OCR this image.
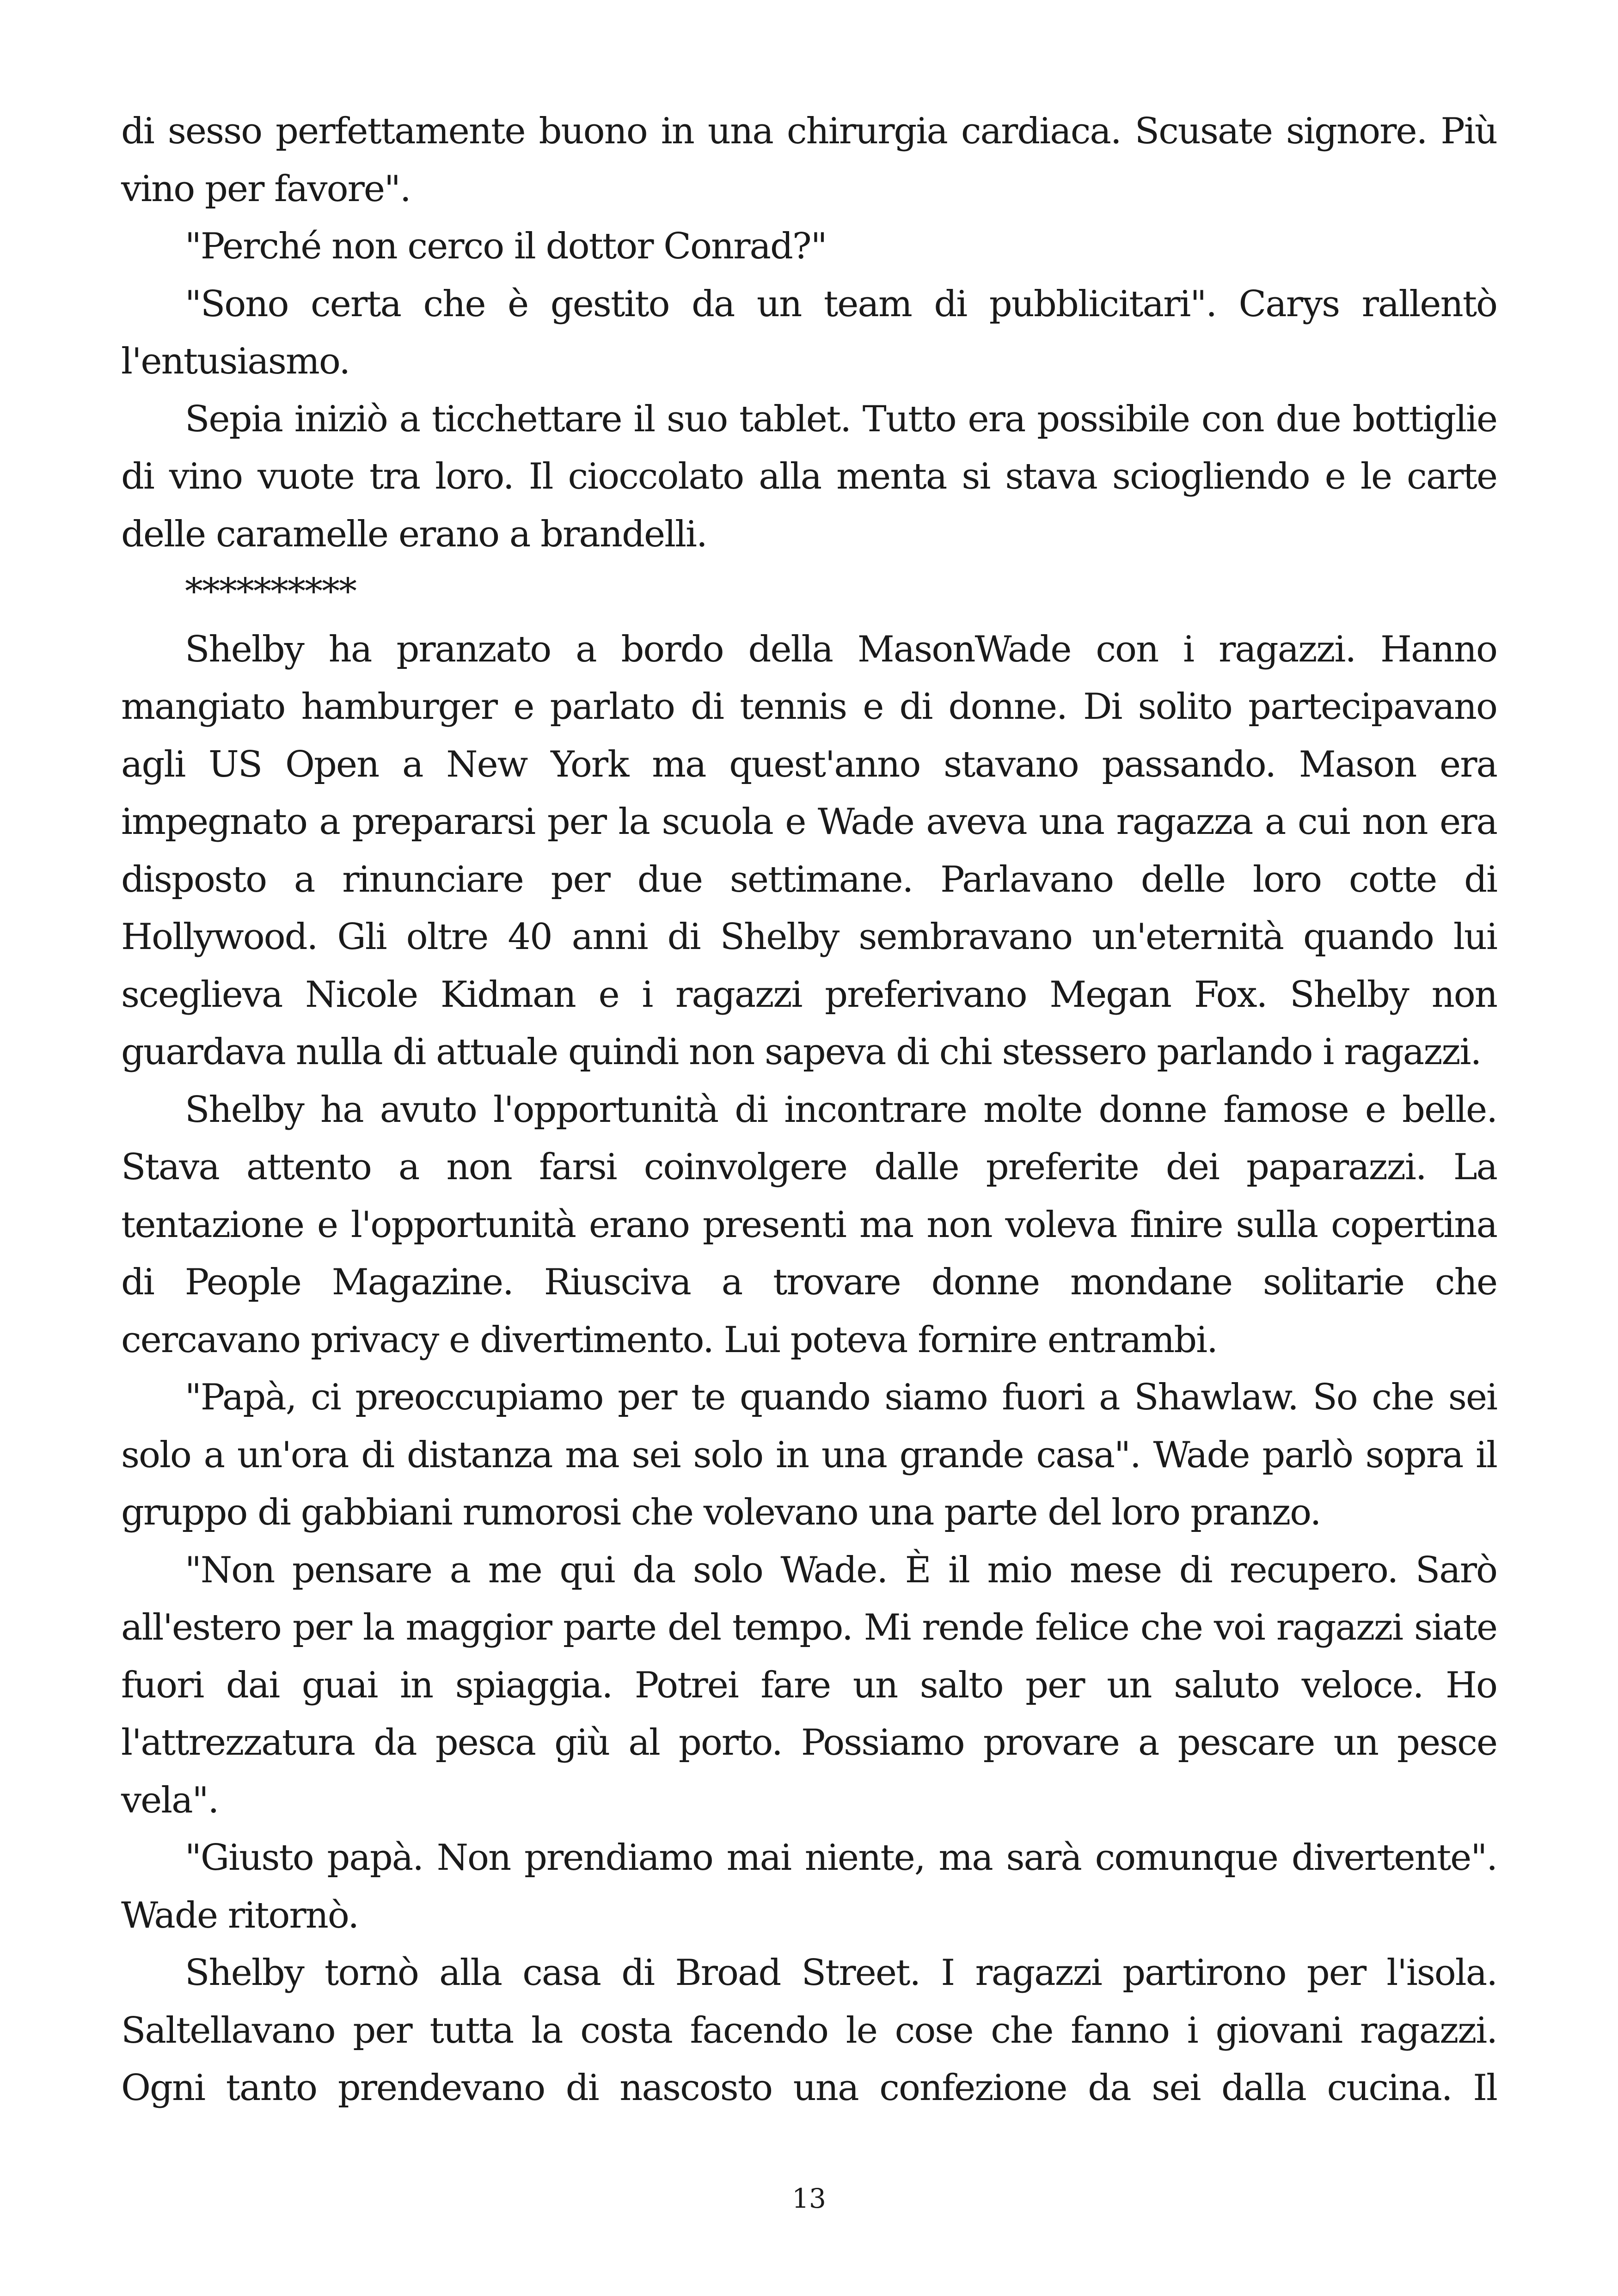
di sesso perfettamente buono in una chirurgia cardiaca. Scusate signore. Più vino per favore".

"Perché non cerco il dottor Conrad?"

"Sono certa che è gestito da un team di pubblicitari". Carys rallentò l'entusiasmo.

Sepia iniziò a ticchettare il suo tablet. Tutto era possibile con due bottiglie di vino vuote tra loro. Il cioccolato alla menta si stava sciogliendo e le carte delle caramelle erano a brandelli.

**********

Shelby ha pranzato a bordo della MasonWade con i ragazzi. Hanno mangiato hamburger e parlato di tennis e di donne. Di solito partecipavano agli US Open a New York ma quest'anno stavano passando. Mason era impegnato a prepararsi per la scuola e Wade aveva una ragazza a cui non era disposto a rinunciare per due settimane. Parlavano delle loro cotte di Hollywood. Gli oltre 40 anni di Shelby sembravano un'eternità quando lui sceglieva Nicole Kidman e i ragazzi preferivano Megan Fox. Shelby non guardava nulla di attuale quindi non sapeva di chi stessero parlando i ragazzi.

Shelby ha avuto l'opportunità di incontrare molte donne famose e belle. Stava attento a non farsi coinvolgere dalle preferite dei paparazzi. La tentazione e l'opportunità erano presenti ma non voleva finire sulla copertina di People Magazine. Riusciva a trovare donne mondane solitarie che cercavano privacy e divertimento. Lui poteva fornire entrambi.

"Papà, ci preoccupiamo per te quando siamo fuori a Shawlaw. So che sei solo a un'ora di distanza ma sei solo in una grande casa". Wade parlò sopra il gruppo di gabbiani rumorosi che volevano una parte del loro pranzo.

"Non pensare a me qui da solo Wade. È il mio mese di recupero. Sarò all'estero per la maggior parte del tempo. Mi rende felice che voi ragazzi siate fuori dai guai in spiaggia. Potrei fare un salto per un saluto veloce. Ho l'attrezzatura da pesca giù al porto. Possiamo provare a pescare un pesce vela".

"Giusto papà. Non prendiamo mai niente, ma sarà comunque divertente". Wade ritornò.

Shelby tornò alla casa di Broad Street. I ragazzi partirono per l'isola. Saltellavano per tutta la costa facendo le cose che fanno i giovani ragazzi. Ogni tanto prendevano di nascosto una confezione da sei dalla cucina. Il

13
